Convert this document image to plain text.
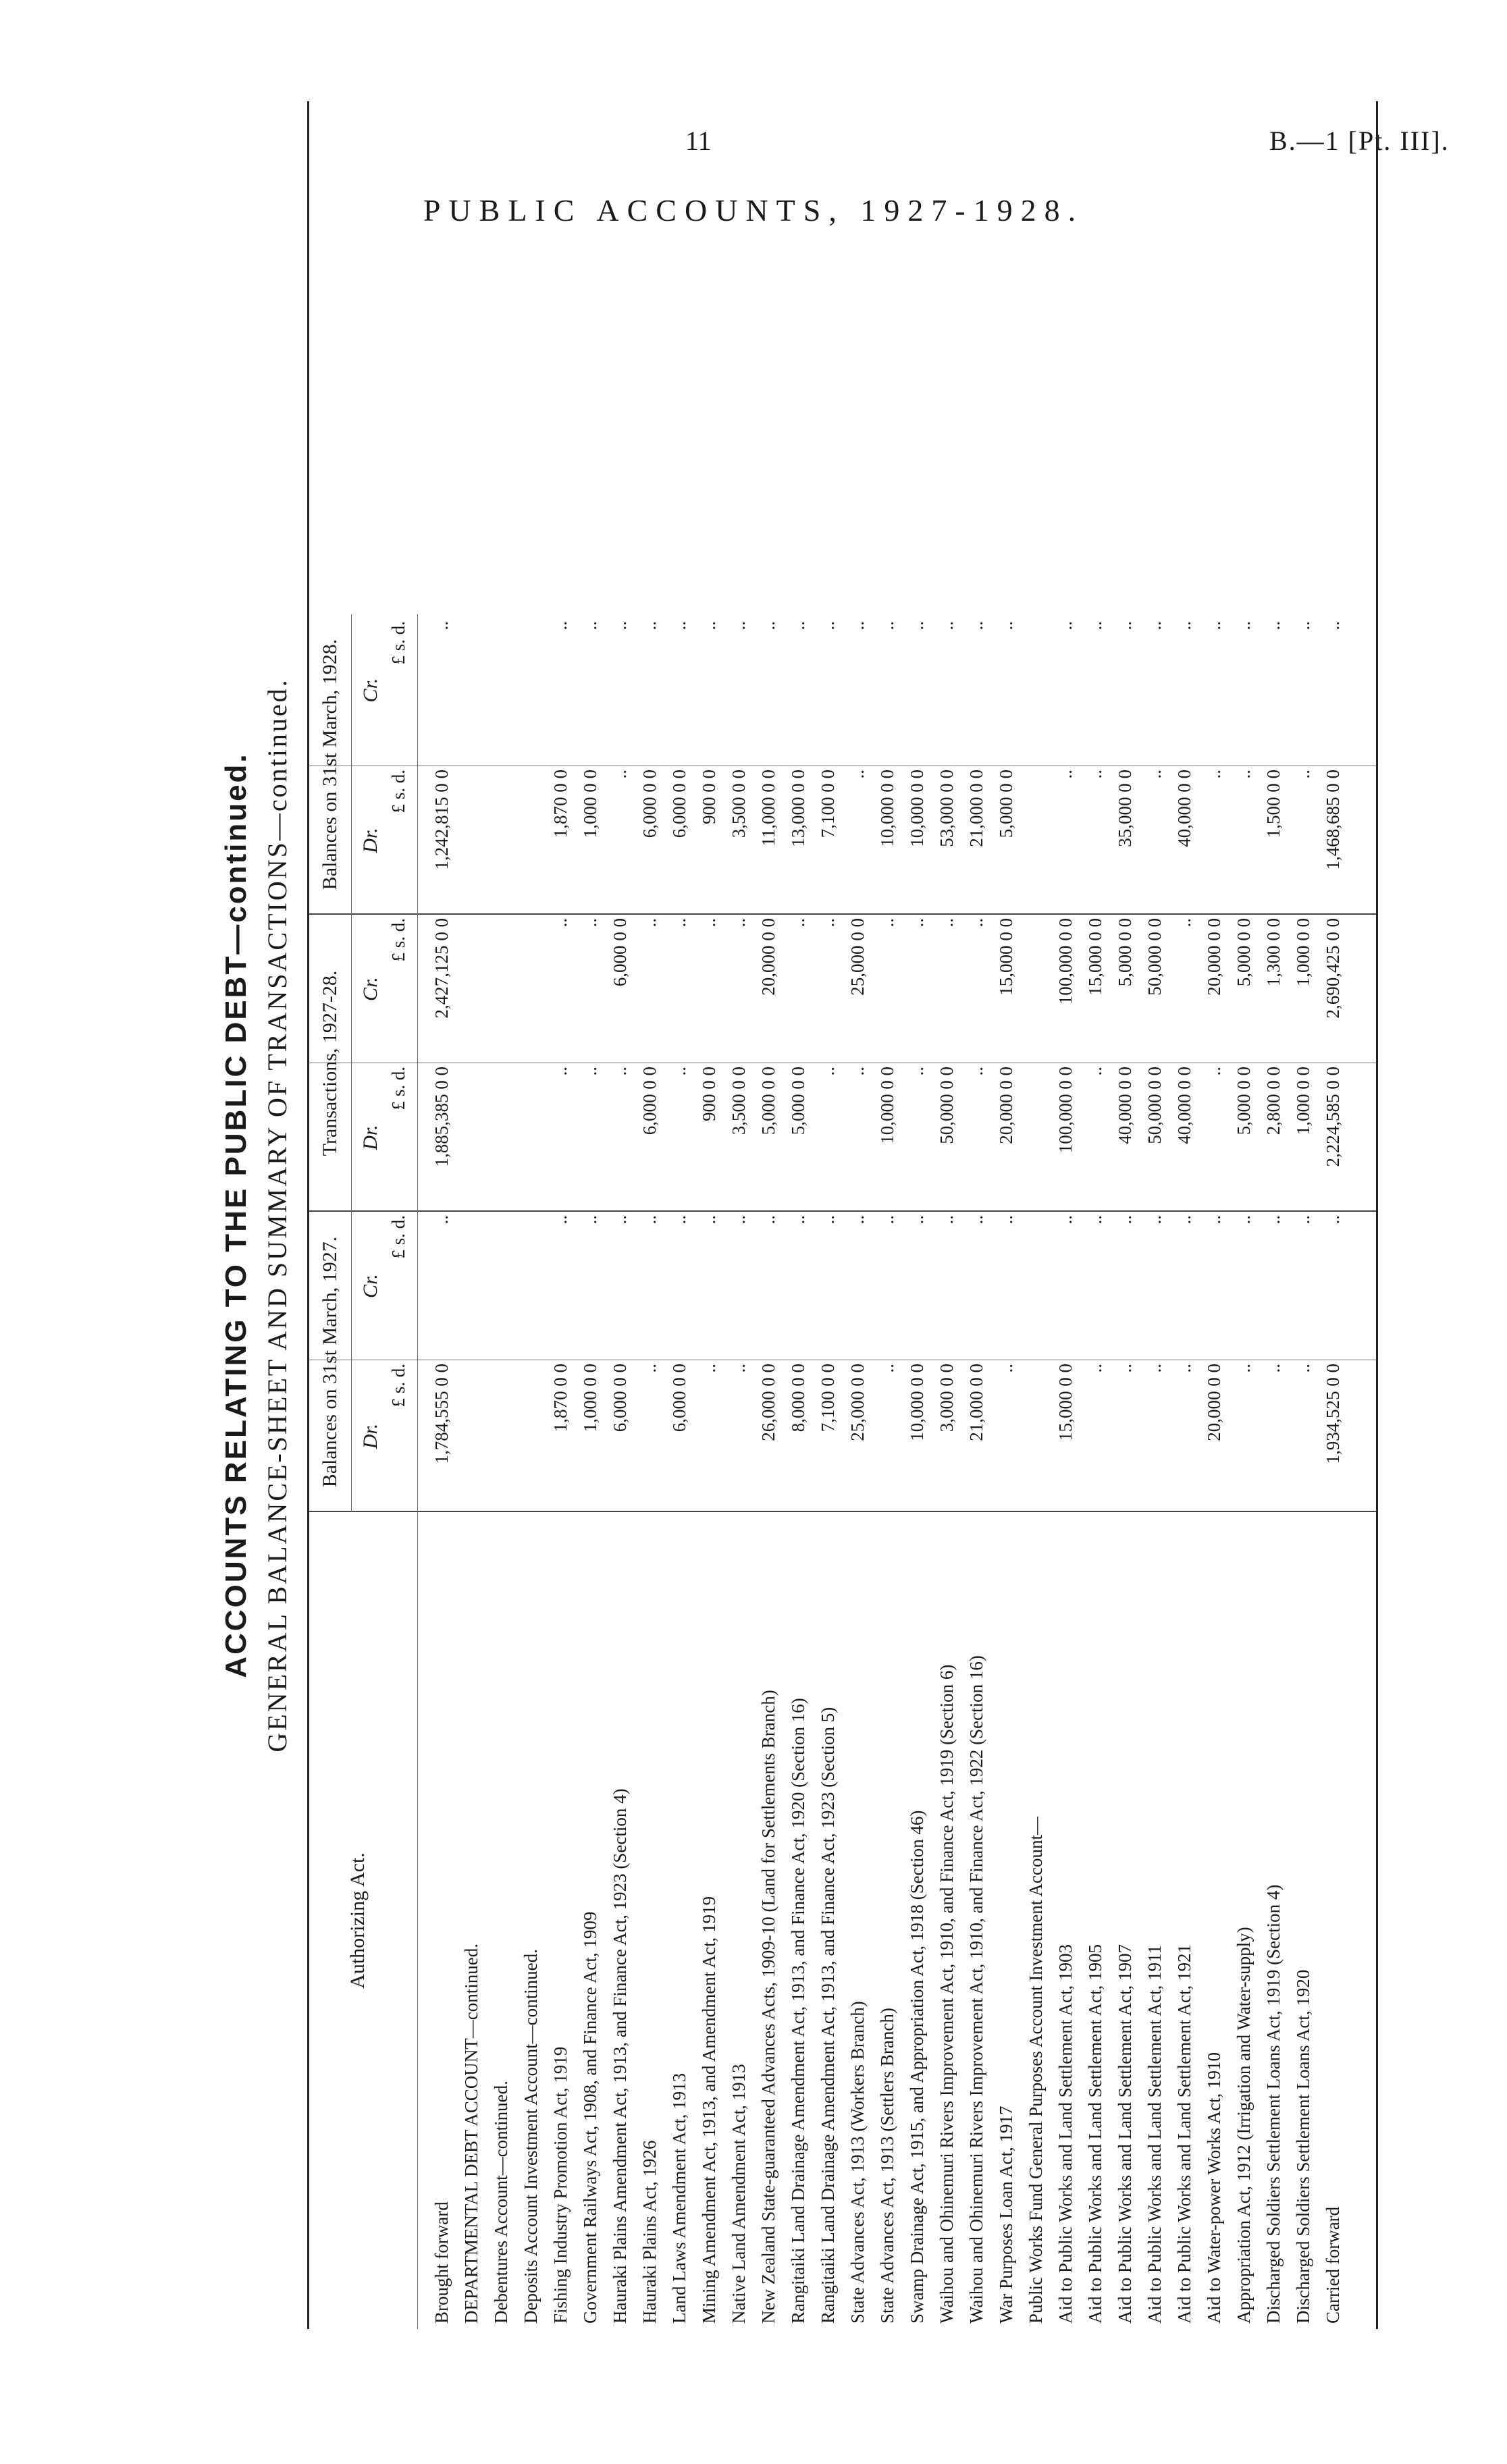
11	B.—1 [Pt. III].
PUBLIC ACCOUNTS, 1927-1928.
ACCOUNTS RELATING TO THE PUBLIC DEBT—continued. GENERAL BALANCE-SHEET AND SUMMARY OF TRANSACTIONS—continued.
Authorizing Act.
Balances on 31st March, 1927.
Transactions, 1927-28.
Balances on 31st March, 1928.
Dr.
Cr.
Dr.
Cr.
Dr.
Cr.
£ s. d.
£ s. d.
£ s. d.
£ s. d.
£ s. d.
£ s. d.
Brought forward
1,784,555 0 0
..
1,885,385 0 0
2,427,125 0 0
1,242,815 0 0
..
DEPARTMENTAL DEBT ACCOUNT—continued. Debentures Account—continued. Deposits Account Investment Account—continued. Fishing Industry Promotion Act, 1919
1,870 0 0
..
..
..
1,870 0 0
..
Government Railways Act, 1908, and Finance Act, 1909
1,000 0 0
..
..
..
1,000 0 0
..
Hauraki Plains Amendment Act, 1913, and Finance Act, 1923 (Section 4)
6,000 0 0
..
..
6,000 0 0
..
..
Hauraki Plains Act, 1926
..
..
6,000 0 0
..
6,000 0 0
..
Land Laws Amendment Act, 1913
6,000 0 0
..
..
..
6,000 0 0
..
Mining Amendment Act, 1913, and Amendment Act, 1919
..
..
900 0 0
..
900 0 0
..
Native Land Amendment Act, 1913
..
..
3,500 0 0
..
3,500 0 0
..
New Zealand State-guaranteed Advances Acts, 1909-10 (Land for Settlements Branch)
26,000 0 0
..
5,000 0 0
20,000 0 0
11,000 0 0
..
Rangitaiki Land Drainage Amendment Act, 1913, and Finance Act, 1920 (Section 16)
8,000 0 0
..
5,000 0 0
..
13,000 0 0
..
Rangitaiki Land Drainage Amendment Act, 1913, and Finance Act, 1923 (Section 5)
7,100 0 0
..
..
..
7,100 0 0
..
State Advances Act, 1913 (Workers Branch)
25,000 0 0
..
..
25,000 0 0
..
..
State Advances Act, 1913 (Settlers Branch)
..
..
10,000 0 0
..
10,000 0 0
..
Swamp Drainage Act, 1915, and Appropriation Act, 1918 (Section 46)
10,000 0 0
..
..
..
10,000 0 0
..
Waihou and Ohinemuri Rivers Improvement Act, 1910, and Finance Act, 1919 (Section 6)
3,000 0 0
..
50,000 0 0
..
53,000 0 0
..
Waihou and Ohinemuri Rivers Improvement Act, 1910, and Finance Act, 1922 (Section 16)
21,000 0 0
..
..
..
21,000 0 0
..
War Purposes Loan Act, 1917
..
..
20,000 0 0
15,000 0 0
5,000 0 0
..
Public Works Fund General Purposes Account Investment Account— Aid to Public Works and Land Settlement Act, 1903
15,000 0 0
..
100,000 0 0
100,000 0 0
..
..
Aid to Public Works and Land Settlement Act, 1905
..
..
..
15,000 0 0
..
..
Aid to Public Works and Land Settlement Act, 1907
..
..
40,000 0 0
5,000 0 0
35,000 0 0
..
Aid to Public Works and Land Settlement Act, 1911
..
..
50,000 0 0
50,000 0 0
..
..
Aid to Public Works and Land Settlement Act, 1921
..
..
40,000 0 0
..
40,000 0 0
..
Aid to Water-power Works Act, 1910
20,000 0 0
..
..
20,000 0 0
..
..
Appropriation Act, 1912 (Irrigation and Water-supply)
..
..
5,000 0 0
5,000 0 0
..
..
Discharged Soldiers Settlement Loans Act, 1919 (Section 4)
..
..
2,800 0 0
1,300 0 0
1,500 0 0
..
Discharged Soldiers Settlement Loans Act, 1920
..
..
1,000 0 0
1,000 0 0
..
..
Carried forward
1,934,525 0 0
..
2,224,585 0 0
2,690,425 0 0
1,468,685 0 0
..
